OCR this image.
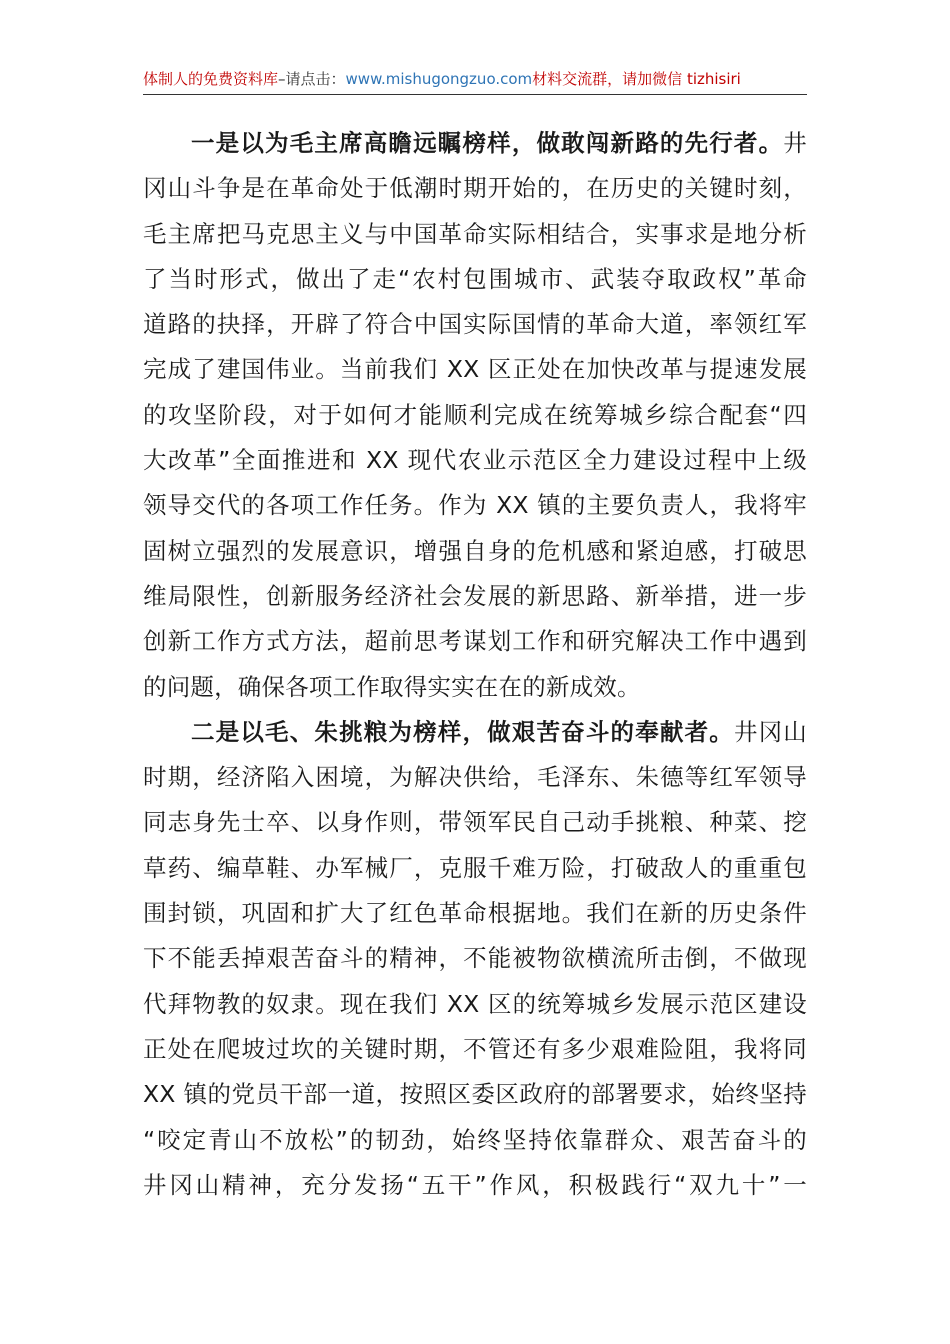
体制人的免费资料库–请点击：www.mishugongzuo.com材料交流群，请加微信 tizhisiri
一是以为毛主席高瞻远瞩榜样，做敢闯新路的先行者。井
冈山斗争是在革命处于低潮时期开始的，在历史的关键时刻，
毛主席把马克思主义与中国革命实际相结合，实事求是地分析
了当时形式，做出了走“农村包围城市、武装夺取政权”革命
道路的抉择，开辟了符合中国实际国情的革命大道，率领红军
完成了建国伟业。当前我们 XX 区正处在加快改革与提速发展
的攻坚阶段，对于如何才能顺利完成在统筹城乡综合配套“四
大改革”全面推进和 XX 现代农业示范区全力建设过程中上级
领导交代的各项工作任务。作为 XX 镇的主要负责人，我将牢
固树立强烈的发展意识，增强自身的危机感和紧迫感，打破思
维局限性，创新服务经济社会发展的新思路、新举措，进一步
创新工作方式方法，超前思考谋划工作和研究解决工作中遇到
的问题，确保各项工作取得实实在在的新成效。
二是以毛、朱挑粮为榜样，做艰苦奋斗的奉献者。井冈山
时期，经济陷入困境，为解决供给，毛泽东、朱德等红军领导
同志身先士卒、以身作则，带领军民自己动手挑粮、种菜、挖
草药、编草鞋、办军械厂，克服千难万险，打破敌人的重重包
围封锁，巩固和扩大了红色革命根据地。我们在新的历史条件
下不能丢掉艰苦奋斗的精神，不能被物欲横流所击倒，不做现
代拜物教的奴隶。现在我们 XX 区的统筹城乡发展示范区建设
正处在爬坡过坎的关键时期，不管还有多少艰难险阻，我将同
XX 镇的党员干部一道，按照区委区政府的部署要求，始终坚持
“咬定青山不放松”的韧劲，始终坚持依靠群众、艰苦奋斗的
井冈山精神，充分发扬“五干”作风，积极践行“双九十”一
